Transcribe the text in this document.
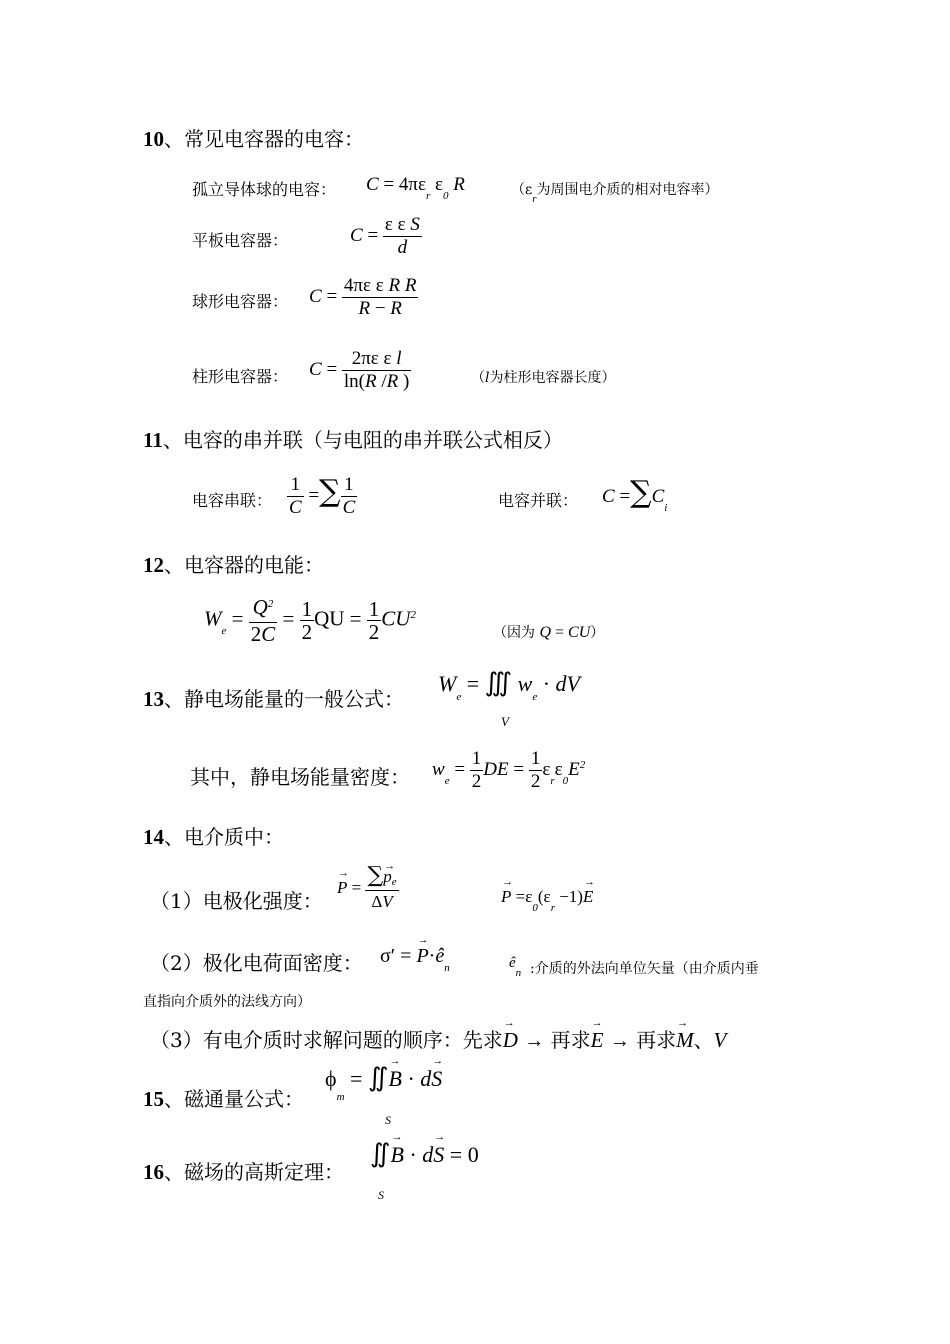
10、常见电容器的电容：
孤立导体球的电容： $C = 4\pi\varepsilon_r$ $\varepsilon_0$ R	（$\varepsilon_r$为周围电介质的相对电容率）
平板电容器：	$C = \frac{\text{ε ε S}}{d}$
球形电容器： $C = \frac{\text{4πε ε R R}}{R - R}$
柱形电容器： $C = \frac{\text{2πε ε l}}{\ln(R /R )}$	（l为柱形电容器长度）
11、电容的串并联（与电阻的串并联公式相反）
电容串联： $\frac{1}{C}$ =∑ $\frac{1}{C}$	电容并联： $C =\sum C_i$
12、电容器的电能：
$W_e = \frac{Q^2}{2C} = \frac{1}{2}$ QU = $\frac{1}{2} CU^2$
（因为 Q = CU）
13、静电场能量的一般公式：
$W_e$ = ∭ $w_e$ · dV
V
其中，静电场能量密度： $w_e = \frac{1}{2}$ DE = $\frac{1}{2} \varepsilon_r\varepsilon_0E^2$
14、电介质中：
（1）电极化强度：
→ $P = \frac{\sum\to pe}{\Delta V}$	→ $P =\varepsilon_0(\varepsilon_r -1)\to E$
（2）极化电荷面密度： σ′ = → $P\cdot ê_n$	$ê_n$ :介质的外法向单位矢量（由介质内垂
直指向介质外的法线方向）
（3）有电介质时求解问题的顺序：先求→ D → 再求→ E → 再求→ M、V
15、磁通量公式：
$\phi_m$ = ∬→ B · d→ S
16、磁场的高斯定理：
S
∬→ B · d→ S = 0
S
